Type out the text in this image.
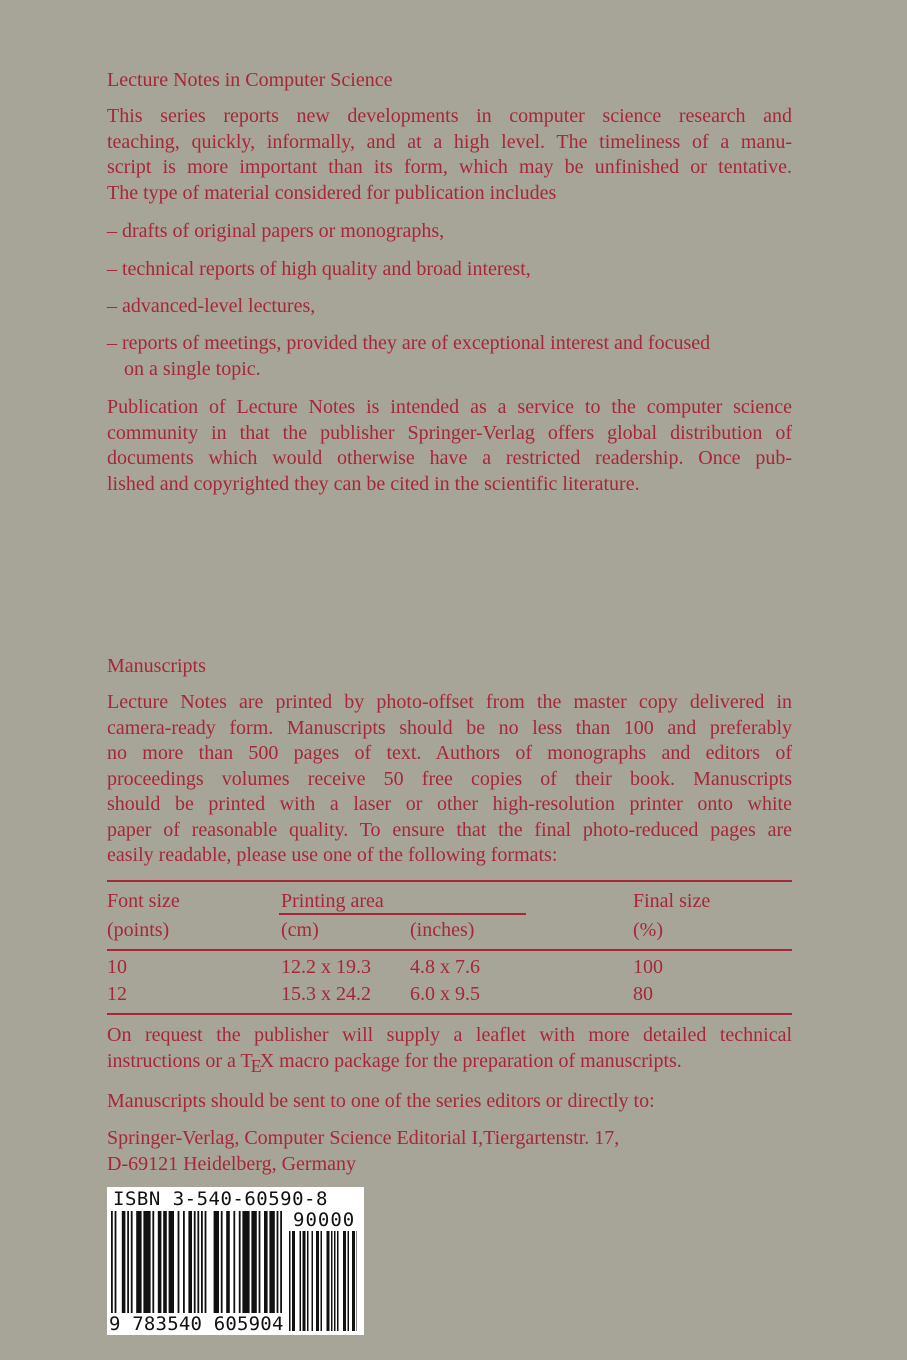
Lecture Notes in Computer Science
This series reports new developments in computer science research and
teaching, quickly, informally, and at a high level. The timeliness of a manu-
script is more important than its form, which may be unfinished or tentative.
The type of material considered for publication includes
– drafts of original papers or monographs,
– technical reports of high quality and broad interest,
– advanced-level lectures,
– reports of meetings, provided they are of exceptional interest and focused
on a single topic.
Publication of Lecture Notes is intended as a service to the computer science
community in that the publisher Springer-Verlag offers global distribution of
documents which would otherwise have a restricted readership. Once pub-
lished and copyrighted they can be cited in the scientific literature.
Manuscripts
Lecture Notes are printed by photo-offset from the master copy delivered in
camera-ready form. Manuscripts should be no less than 100 and preferably
no more than 500 pages of text. Authors of monographs and editors of
proceedings volumes receive 50 free copies of their book. Manuscripts
should be printed with a laser or other high-resolution printer onto white
paper of reasonable quality. To ensure that the final photo-reduced pages are
easily readable, please use one of the following formats:
Font size	Printing area	Final size
(points)	(cm)	(inches)	(%)
10	12.2 x 19.3 4.8 x 7.6	100
12	15.3 x 24.2 6.0 x 9.5	80
On request the publisher will supply a leaflet with more detailed technical
instructions or a TEX macro package for the preparation of manuscripts.
Manuscripts should be sent to one of the series editors or directly to:
Springer-Verlag, Computer Science Editorial I,Tiergartenstr. 17,
D-69121 Heidelberg, Germany
ISBN 3-540-60590-8
90000
9 783540 605904
